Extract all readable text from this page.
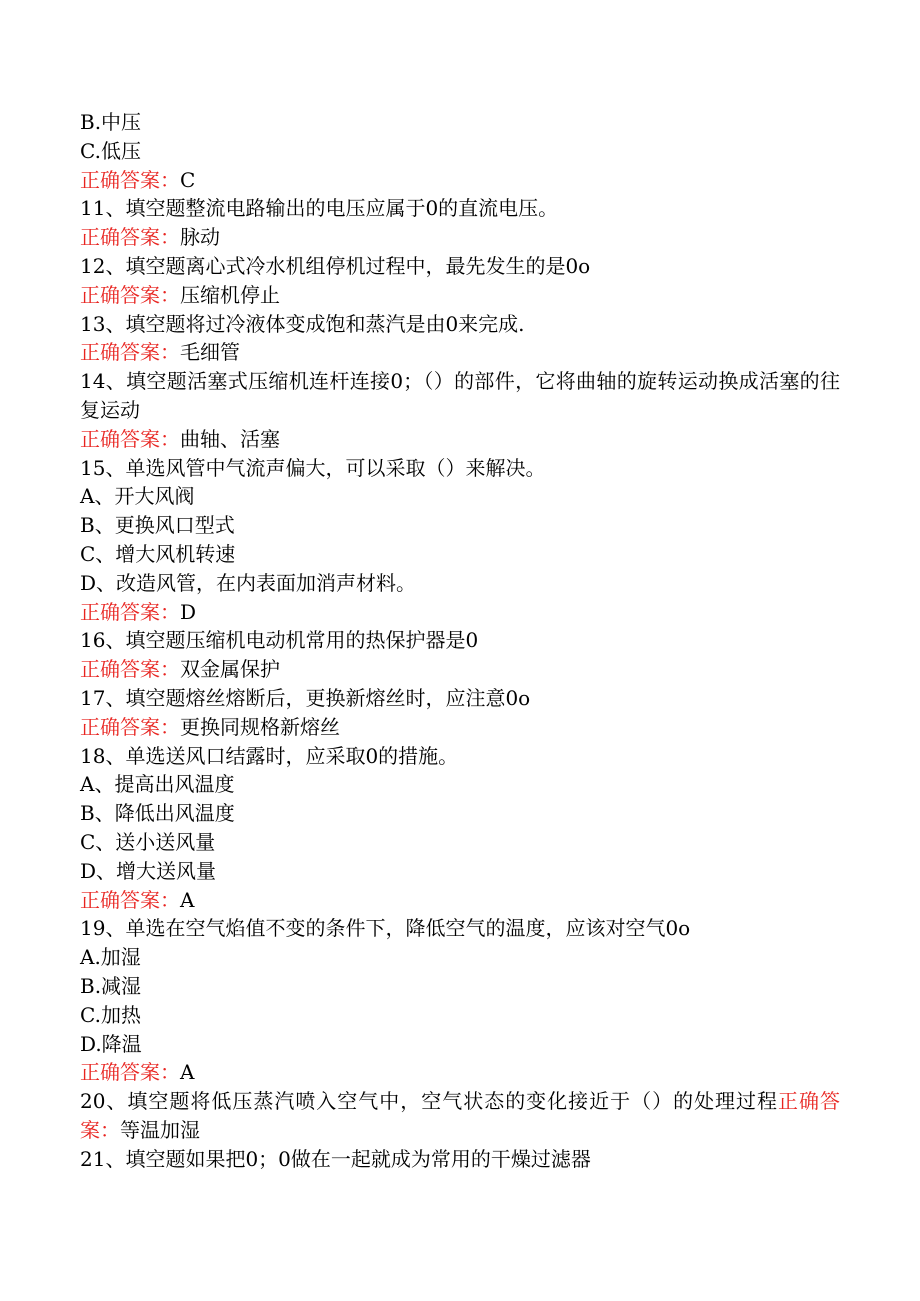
B.中压
C.低压
正确答案：C
11、填空题整流电路输出的电压应属于0的直流电压。
正确答案：脉动
12、填空题离心式冷水机组停机过程中，最先发生的是0o
正确答案：压缩机停止
13、填空题将过冷液体变成饱和蒸汽是由0来完成.
正确答案：毛细管
14、填空题活塞式压缩机连杆连接0；（）的部件，它将曲轴的旋转运动换成活塞的往复运动
正确答案：曲轴、活塞
15、单选风管中气流声偏大，可以采取（）来解决。
A、开大风阀
B、更换风口型式
C、增大风机转速
D、改造风管，在内表面加消声材料。
正确答案：D
16、填空题压缩机电动机常用的热保护器是0
正确答案：双金属保护
17、填空题熔丝熔断后，更换新熔丝时，应注意0o
正确答案：更换同规格新熔丝
18、单选送风口结露时，应采取0的措施。
A、提高出风温度
B、降低出风温度
C、送小送风量
D、增大送风量
正确答案：A
19、单选在空气焰值不变的条件下，降低空气的温度，应该对空气0o
A.加湿
B.减湿
C.加热
D.降温
正确答案：A
20、填空题将低压蒸汽喷入空气中，空气状态的变化接近于（）的处理过程正确答案：等温加湿
21、填空题如果把0；0做在一起就成为常用的干燥过滤器
